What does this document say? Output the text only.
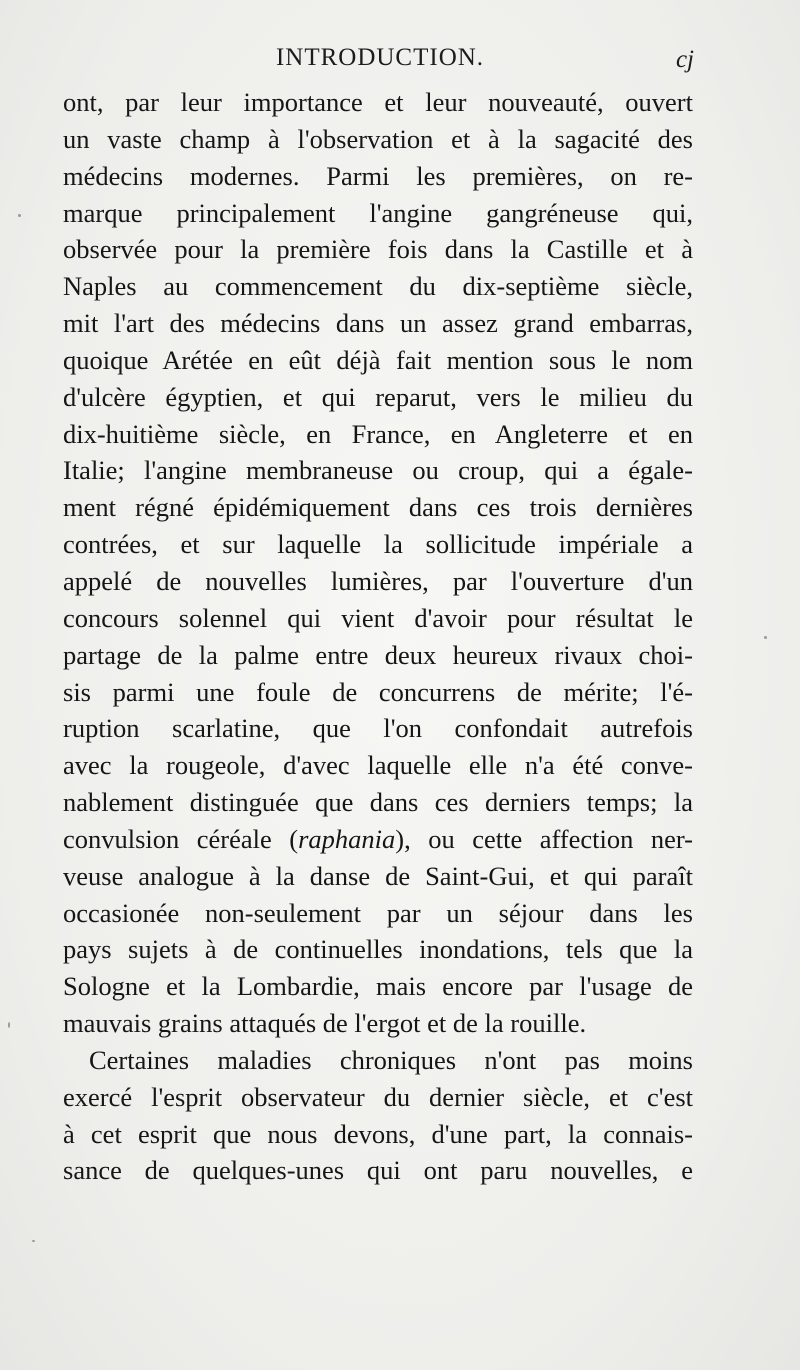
INTRODUCTION.	cj
ont, par leur importance et leur nouveauté, ouvert
un vaste champ à l'observation et à la sagacité des
médecins modernes. Parmi les premières, on re-
marque principalement l'angine gangréneuse qui,
observée pour la première fois dans la Castille et à
Naples au commencement du dix-septième siècle,
mit l'art des médecins dans un assez grand embarras,
quoique Arétée en eût déjà fait mention sous le nom
d'ulcère égyptien, et qui reparut, vers le milieu du
dix-huitième siècle, en France, en Angleterre et en
Italie; l'angine membraneuse ou croup, qui a égale-
ment régné épidémiquement dans ces trois dernières
contrées, et sur laquelle la sollicitude impériale a
appelé de nouvelles lumières, par l'ouverture d'un
concours solennel qui vient d'avoir pour résultat le
partage de la palme entre deux heureux rivaux choi-
sis parmi une foule de concurrens de mérite; l'é-
ruption scarlatine, que l'on confondait autrefois
avec la rougeole, d'avec laquelle elle n'a été conve-
nablement distinguée que dans ces derniers temps; la
convulsion céréale (raphania), ou cette affection ner-
veuse analogue à la danse de Saint-Gui, et qui paraît
occasionée non-seulement par un séjour dans les
pays sujets à de continuelles inondations, tels que la
Sologne et la Lombardie, mais encore par l'usage de
mauvais grains attaqués de l'ergot et de la rouille.
Certaines maladies chroniques n'ont pas moins
exercé l'esprit observateur du dernier siècle, et c'est
à cet esprit que nous devons, d'une part, la connais-
sance de quelques-unes qui ont paru nouvelles, e
